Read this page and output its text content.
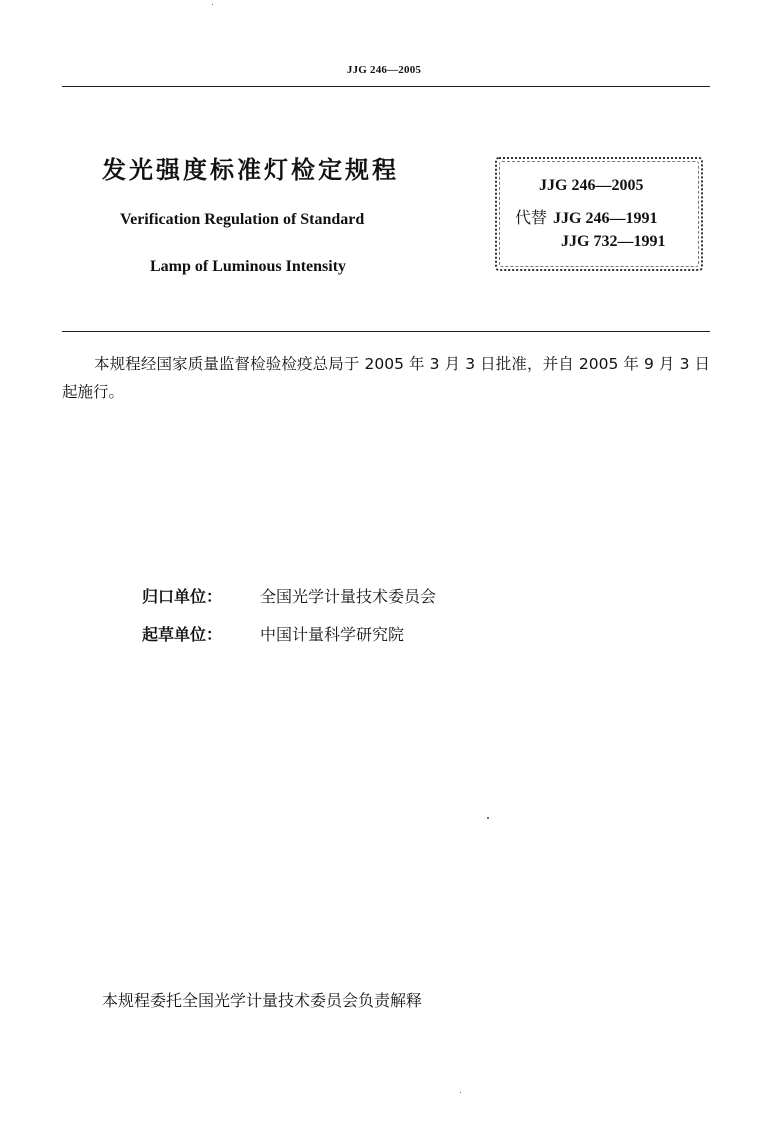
JJG 246—2005
发光强度标准灯检定规程
Verification Regulation of Standard
Lamp of Luminous Intensity
JJG 246—2005
代替 JJG 246—1991
JJG 732—1991
本规程经国家质量监督检验检疫总局于 2005 年 3 月 3 日批准，并自 2005 年 9 月 3 日起施行。
归口单位： 全国光学计量技术委员会
起草单位： 中国计量科学研究院
本规程委托全国光学计量技术委员会负责解释
